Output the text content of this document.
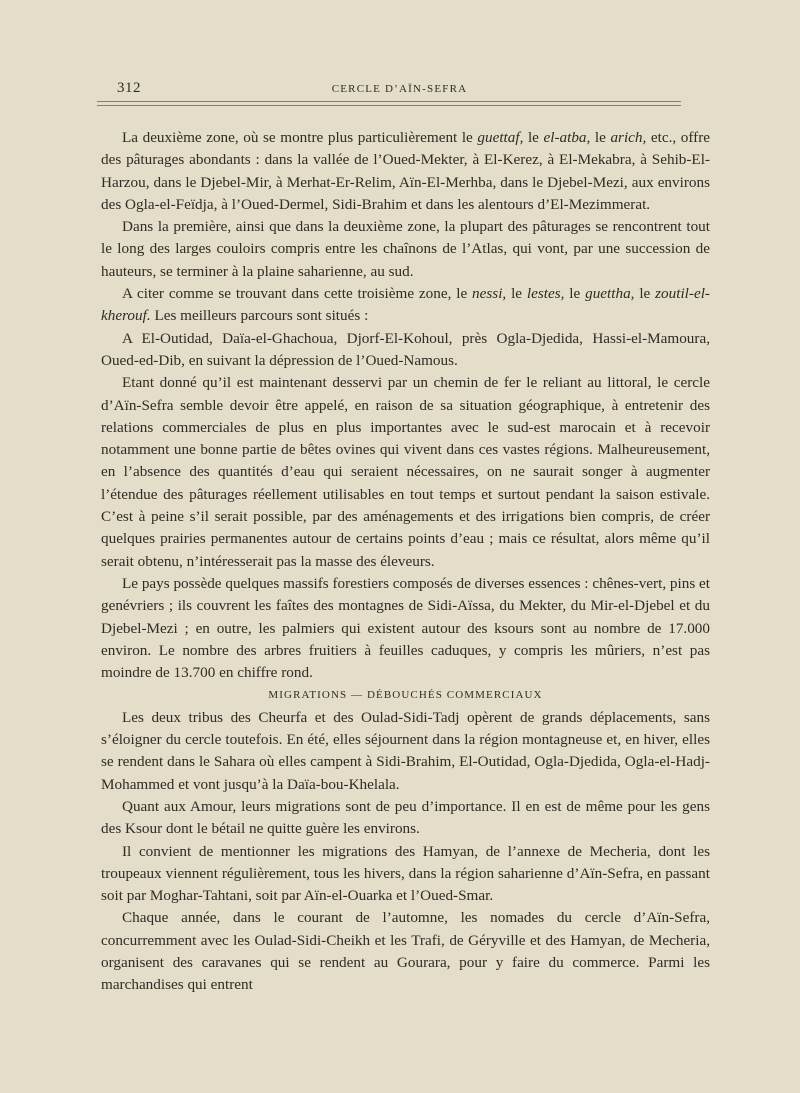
312	CERCLE D’AÏN-SEFRA

La deuxième zone, où se montre plus particulièrement le guettaf, le el-atba, le arich, etc., offre des pâturages abondants : dans la vallée de l’Oued-Mekter, à El-Kerez, à El-Mekabra, à Sehib-El-Harzou, dans le Djebel-Mir, à Merhat-Er-Relim, Aïn-El-Merhba, dans le Djebel-Mezi, aux environs des Ogla-el-Feïdja, à l’Oued-Dermel, Sidi-Brahim et dans les alentours d’El-Mezimmerat.

Dans la première, ainsi que dans la deuxième zone, la plupart des pâturages se rencontrent tout le long des larges couloirs compris entre les chaînons de l’Atlas, qui vont, par une succession de hauteurs, se terminer à la plaine saharienne, au sud.

A citer comme se trouvant dans cette troisième zone, le nessi, le lestes, le guettha, le zoutil-el-kherouf. Les meilleurs parcours sont situés :

A El-Outidad, Daïa-el-Ghachoua, Djorf-El-Kohoul, près Ogla-Djedida, Hassi-el-Mamoura, Oued-ed-Dib, en suivant la dépression de l’Oued-Namous.

Etant donné qu’il est maintenant desservi par un chemin de fer le reliant au littoral, le cercle d’Aïn-Sefra semble devoir être appelé, en raison de sa situation géographique, à entretenir des relations commerciales de plus en plus importantes avec le sud-est marocain et à recevoir notamment une bonne partie de bêtes ovines qui vivent dans ces vastes régions. Malheureusement, en l’absence des quantités d’eau qui seraient nécessaires, on ne saurait songer à augmenter l’étendue des pâturages réellement utilisables en tout temps et surtout pendant la saison estivale. C’est à peine s’il serait possible, par des aménagements et des irrigations bien compris, de créer quelques prairies permanentes autour de certains points d’eau ; mais ce résultat, alors même qu’il serait obtenu, n’intéresserait pas la masse des éleveurs.

Le pays possède quelques massifs forestiers composés de diverses essences : chênes-vert, pins et genévriers ; ils couvrent les faîtes des montagnes de Sidi-Aïssa, du Mekter, du Mir-el-Djebel et du Djebel-Mezi ; en outre, les palmiers qui existent autour des ksours sont au nombre de 17.000 environ. Le nombre des arbres fruitiers à feuilles caduques, y compris les mûriers, n’est pas moindre de 13.700 en chiffre rond.

MIGRATIONS — DÉBOUCHÉS COMMERCIAUX

Les deux tribus des Cheurfa et des Oulad-Sidi-Tadj opèrent de grands déplacements, sans s’éloigner du cercle toutefois. En été, elles séjournent dans la région montagneuse et, en hiver, elles se rendent dans le Sahara où elles campent à Sidi-Brahim, El-Outidad, Ogla-Djedida, Ogla-el-Hadj-Mohammed et vont jusqu’à la Daïa-bou-Khelala.

Quant aux Amour, leurs migrations sont de peu d’importance. Il en est de même pour les gens des Ksour dont le bétail ne quitte guère les environs.

Il convient de mentionner les migrations des Hamyan, de l’annexe de Mecheria, dont les troupeaux viennent régulièrement, tous les hivers, dans la région saharienne d’Aïn-Sefra, en passant soit par Moghar-Tahtani, soit par Aïn-el-Ouarka et l’Oued-Smar.

Chaque année, dans le courant de l’automne, les nomades du cercle d’Aïn-Sefra, concurremment avec les Oulad-Sidi-Cheikh et les Trafi, de Géryville et des Hamyan, de Mecheria, organisent des caravanes qui se rendent au Gourara, pour y faire du commerce. Parmi les marchandises qui entrent
